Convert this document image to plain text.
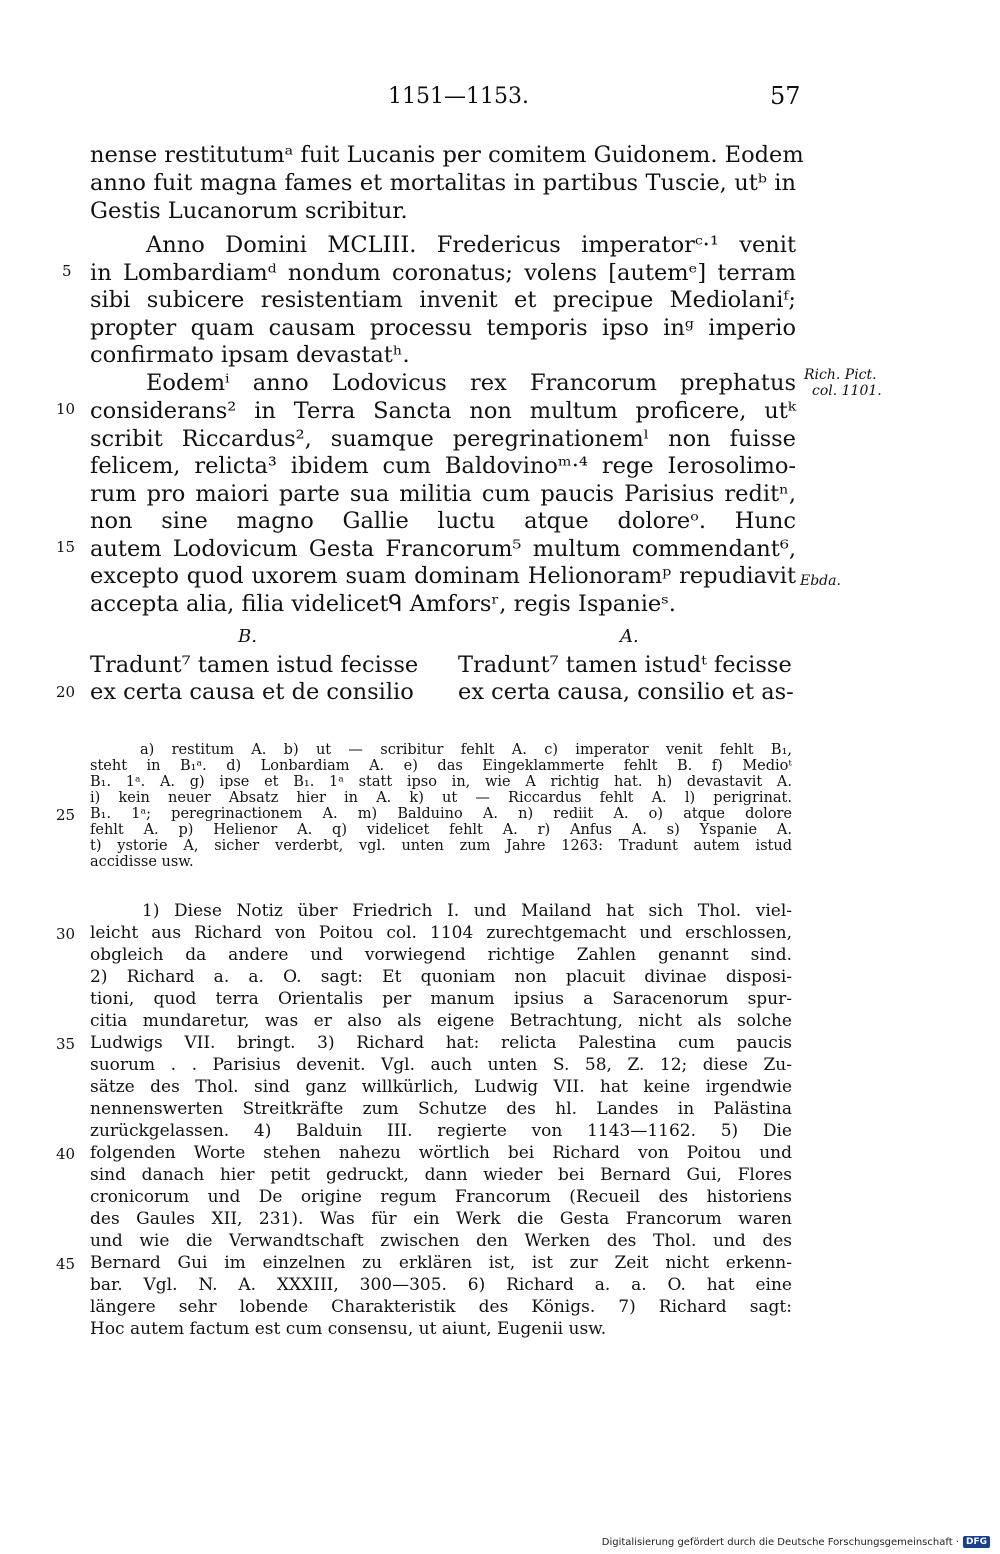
1151—1153.	57
nense restitutumᵃ fuit Lucanis per comitem Guidonem. Eodem
anno fuit magna fames et mortalitas in partibus Tuscie, utᵇ in
Gestis Lucanorum scribitur.
Anno Domini MCLIII. Fredericus imperatorᶜ·¹ venit
in Lombardiamᵈ nondum coronatus; volens [autemᵉ] terram
sibi subicere resistentiam invenit et precipue Mediolaniᶠ;
propter quam causam processu temporis ipso inᵍ imperio
confirmato ipsam devastatʰ.
Eodemⁱ anno Lodovicus rex Francorum prephatus
considerans² in Terra Sancta non multum proficere, utᵏ
scribit Riccardus², suamque peregrinationemˡ non fuisse
felicem, relicta³ ibidem cum Baldovinoᵐ·⁴ rege Ierosolimo-
rum pro maiori parte sua militia cum paucis Parisius reditⁿ,
non sine magno Gallie luctu atque doloreᵒ. Hunc
autem Lodovicum Gesta Francorum⁵ multum commendant⁶,
excepto quod uxorem suam dominam Helionoramᵖ repudiavit
accepta alia, filia videlicetᑫ Amforsʳ, regis Ispanieˢ.
Rich. Pict.
col. 1101.
Ebda.
B.	A.
Tradunt⁷ tamen istud fecisse
ex certa causa et de consilio
Tradunt⁷ tamen istudᵗ fecisse
ex certa causa, consilio et as-
a) restitum A. b) ut — scribitur fehlt A. c) imperator venit fehlt B₁,
steht in B₁ᵃ. d) Lonbardiam A. e) das Eingeklammerte fehlt B. f) Medioᵗ
B₁. 1ᵃ. A. g) ipse et B₁. 1ᵃ statt ipso in, wie A richtig hat. h) devastavit A.
i) kein neuer Absatz hier in A. k) ut — Riccardus fehlt A. l) perigrinat.
B₁. 1ᵃ; peregrinactionem A. m) Balduino A. n) rediit A. o) atque dolore
fehlt A. p) Helienor A. q) videlicet fehlt A. r) Anfus A. s) Yspanie A.
t) ystorie A, sicher verderbt, vgl. unten zum Jahre 1263: Tradunt autem istud
accidisse usw.
1) Diese Notiz über Friedrich I. und Mailand hat sich Thol. viel-
leicht aus Richard von Poitou col. 1104 zurechtgemacht und erschlossen,
obgleich da andere und vorwiegend richtige Zahlen genannt sind.
2) Richard a. a. O. sagt: Et quoniam non placuit divinae disposi-
tioni, quod terra Orientalis per manum ipsius a Saracenorum spur-
citia mundaretur, was er also als eigene Betrachtung, nicht als solche
Ludwigs VII. bringt. 3) Richard hat: relicta Palestina cum paucis
suorum . . Parisius devenit. Vgl. auch unten S. 58, Z. 12; diese Zu-
sätze des Thol. sind ganz willkürlich, Ludwig VII. hat keine irgendwie
nennenswerten Streitkräfte zum Schutze des hl. Landes in Palästina
zurückgelassen. 4) Balduin III. regierte von 1143—1162. 5) Die
folgenden Worte stehen nahezu wörtlich bei Richard von Poitou und
sind danach hier petit gedruckt, dann wieder bei Bernard Gui, Flores
cronicorum und De origine regum Francorum (Recueil des historiens
des Gaules XII, 231). Was für ein Werk die Gesta Francorum waren
und wie die Verwandtschaft zwischen den Werken des Thol. und des
Bernard Gui im einzelnen zu erklären ist, ist zur Zeit nicht erkenn-
bar. Vgl. N. A. XXXIII, 300—305. 6) Richard a. a. O. hat eine
längere sehr lobende Charakteristik des Königs. 7) Richard sagt:
Hoc autem factum est cum consensu, ut aiunt, Eugenii usw.
5
10
15
20
25
30
35
40
45
Digitalisierung gefördert durch die Deutsche Forschungsgemeinschaft · DFG
